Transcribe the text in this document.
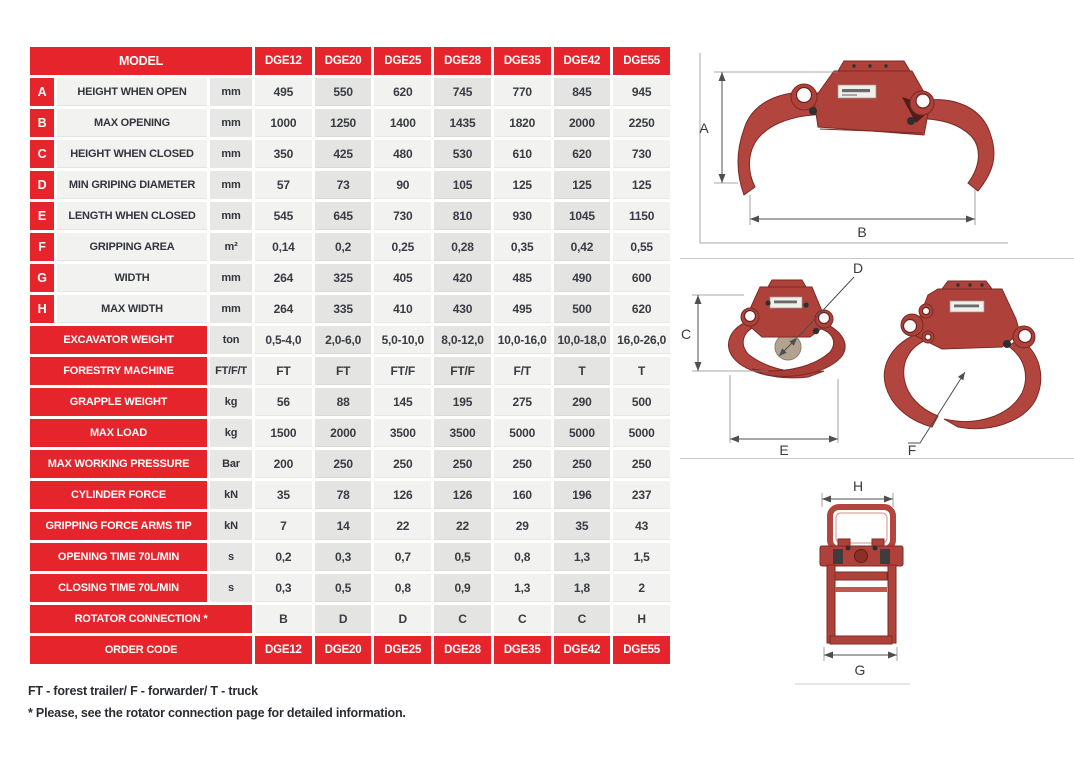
MODEL			DGE12	DGE20	DGE25	DGE28	DGE35	DGE42	DGE55
A	HEIGHT WHEN OPEN	mm	495	550	620	745	770	845	945
B	MAX OPENING	mm	1000	1250	1400	1435	1820	2000	2250
C	HEIGHT WHEN CLOSED	mm	350	425	480	530	610	620	730
D	MIN GRIPING DIAMETER	mm	57	73	90	105	125	125	125
E	LENGTH WHEN CLOSED	mm	545	645	730	810	930	1045	1150
F	GRIPPING AREA	m²	0,14	0,2	0,25	0,28	0,35	0,42	0,55
G	WIDTH	mm	264	325	405	420	485	490	600
H	MAX WIDTH	mm	264	335	410	430	495	500	620
EXCAVATOR WEIGHT		ton	0,5-4,0	2,0-6,0	5,0-10,0	8,0-12,0	10,0-16,0	10,0-18,0	16,0-26,0
FORESTRY MACHINE		FT/F/T	FT	FT	FT/F	FT/F	F/T	T	T
GRAPPLE WEIGHT		kg	56	88	145	195	275	290	500
MAX LOAD		kg	1500	2000	3500	3500	5000	5000	5000
MAX WORKING PRESSURE		Bar	200	250	250	250	250	250	250
CYLINDER FORCE		kN	35	78	126	126	160	196	237
GRIPPING FORCE ARMS TIP		kN	7	14	22	22	29	35	43
OPENING TIME 70L/MIN		s	0,2	0,3	0,7	0,5	0,8	1,3	1,5
CLOSING TIME 70L/MIN		s	0,3	0,5	0,8	0,9	1,3	1,8	2
ROTATOR CONNECTION *			B	D	D	C	C	C	H
ORDER CODE			DGE12	DGE20	DGE25	DGE28	DGE35	DGE42	DGE55
FT - forest trailer/ F - forwarder/ T - truck
* Please, see the rotator connection page for detailed information.
A
B
C
D
E	F
H
G
